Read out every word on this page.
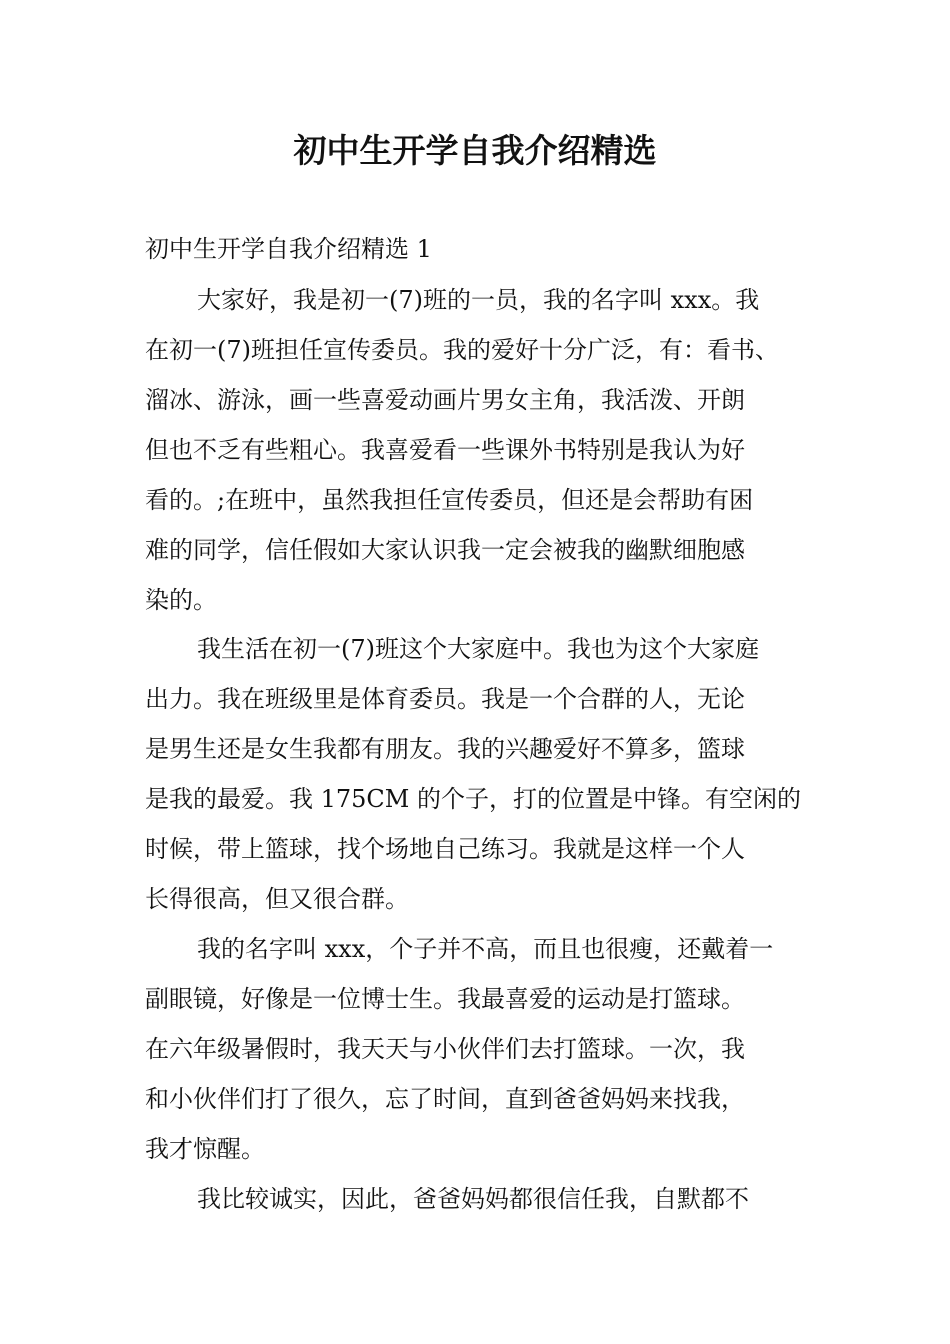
初中生开学自我介绍精选
初中生开学自我介绍精选 1
大家好，我是初一(7)班的一员，我的名字叫 xxx。我
在初一(7)班担任宣传委员。我的爱好十分广泛，有：看书、
溜冰、游泳，画一些喜爱动画片男女主角，我活泼、开朗
但也不乏有些粗心。我喜爱看一些课外书特别是我认为好
看的。;在班中，虽然我担任宣传委员，但还是会帮助有困
难的同学，信任假如大家认识我一定会被我的幽默细胞感
染的。
我生活在初一(7)班这个大家庭中。我也为这个大家庭
出力。我在班级里是体育委员。我是一个合群的人，无论
是男生还是女生我都有朋友。我的兴趣爱好不算多，篮球
是我的最爱。我 175CM 的个子，打的位置是中锋。有空闲的
时候，带上篮球，找个场地自己练习。我就是这样一个人
长得很高，但又很合群。
我的名字叫 xxx，个子并不高，而且也很瘦，还戴着一
副眼镜，好像是一位博士生。我最喜爱的运动是打篮球。
在六年级暑假时，我天天与小伙伴们去打篮球。一次，我
和小伙伴们打了很久，忘了时间，直到爸爸妈妈来找我，
我才惊醒。
我比较诚实，因此，爸爸妈妈都很信任我，自默都不
